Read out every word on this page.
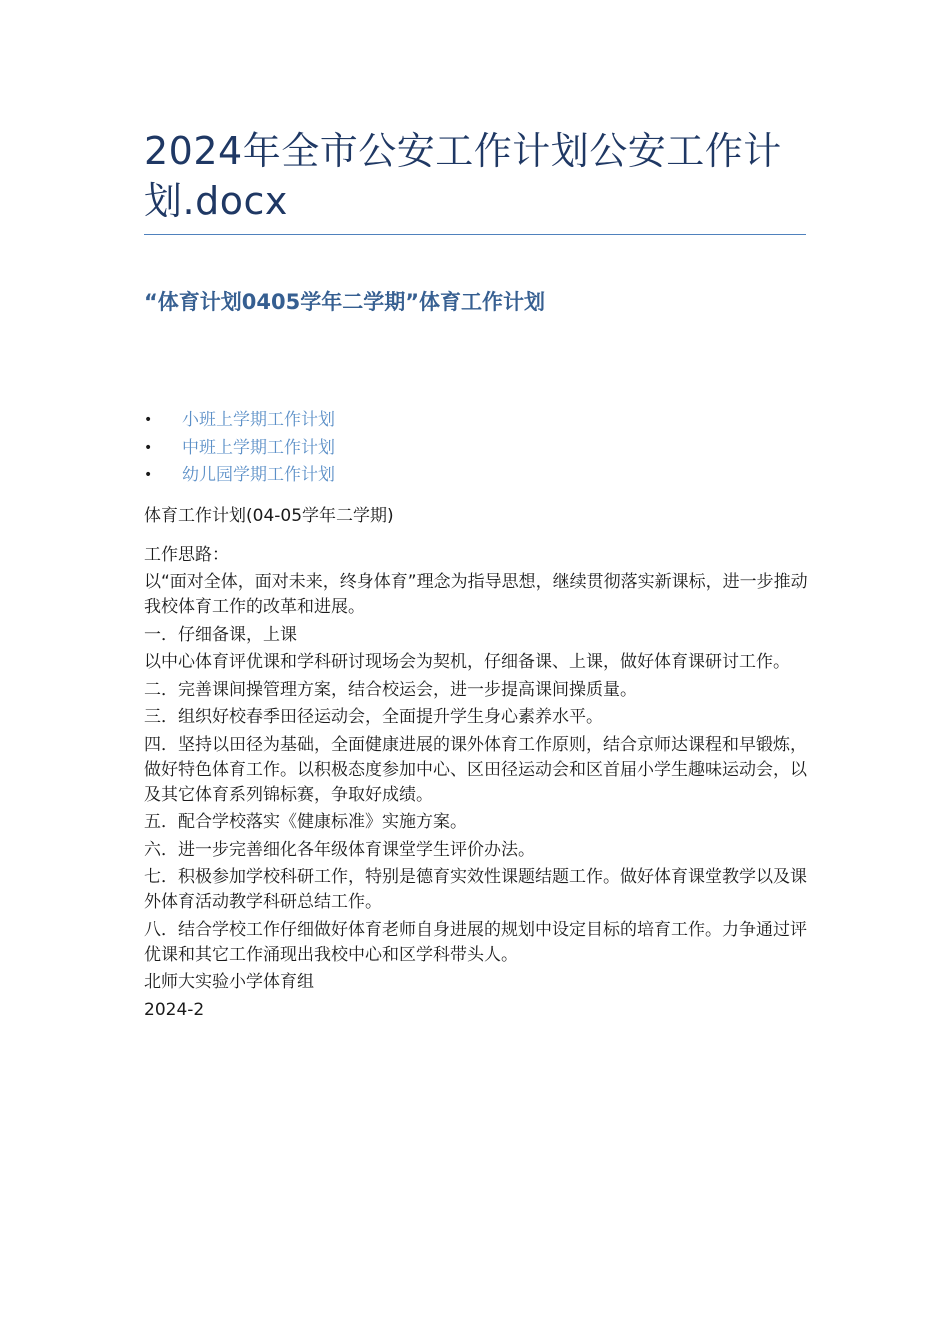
2024年全市公安工作计划公安工作计划.docx
“体育计划0405学年二学期”体育工作计划
• 小班上学期工作计划
• 中班上学期工作计划
• 幼儿园学期工作计划

体育工作计划(04-05学年二学期)

工作思路：

以“面对全体，面对未来，终身体育”理念为指导思想，继续贯彻落实新课标，进一步推动我校体育工作的改革和进展。

一．仔细备课，上课

以中心体育评优课和学科研讨现场会为契机，仔细备课、上课，做好体育课研讨工作。

二．完善课间操管理方案，结合校运会，进一步提高课间操质量。

三．组织好校春季田径运动会，全面提升学生身心素养水平。

四．坚持以田径为基础，全面健康进展的课外体育工作原则，结合京师达课程和早锻炼，做好特色体育工作。以积极态度参加中心、区田径运动会和区首届小学生趣味运动会，以及其它体育系列锦标赛，争取好成绩。

五．配合学校落实《健康标准》实施方案。

六．进一步完善细化各年级体育课堂学生评价办法。

七．积极参加学校科研工作，特别是德育实效性课题结题工作。做好体育课堂教学以及课外体育活动教学科研总结工作。

八．结合学校工作仔细做好体育老师自身进展的规划中设定目标的培育工作。力争通过评优课和其它工作涌现出我校中心和区学科带头人。

北师大实验小学体育组

2024-2
